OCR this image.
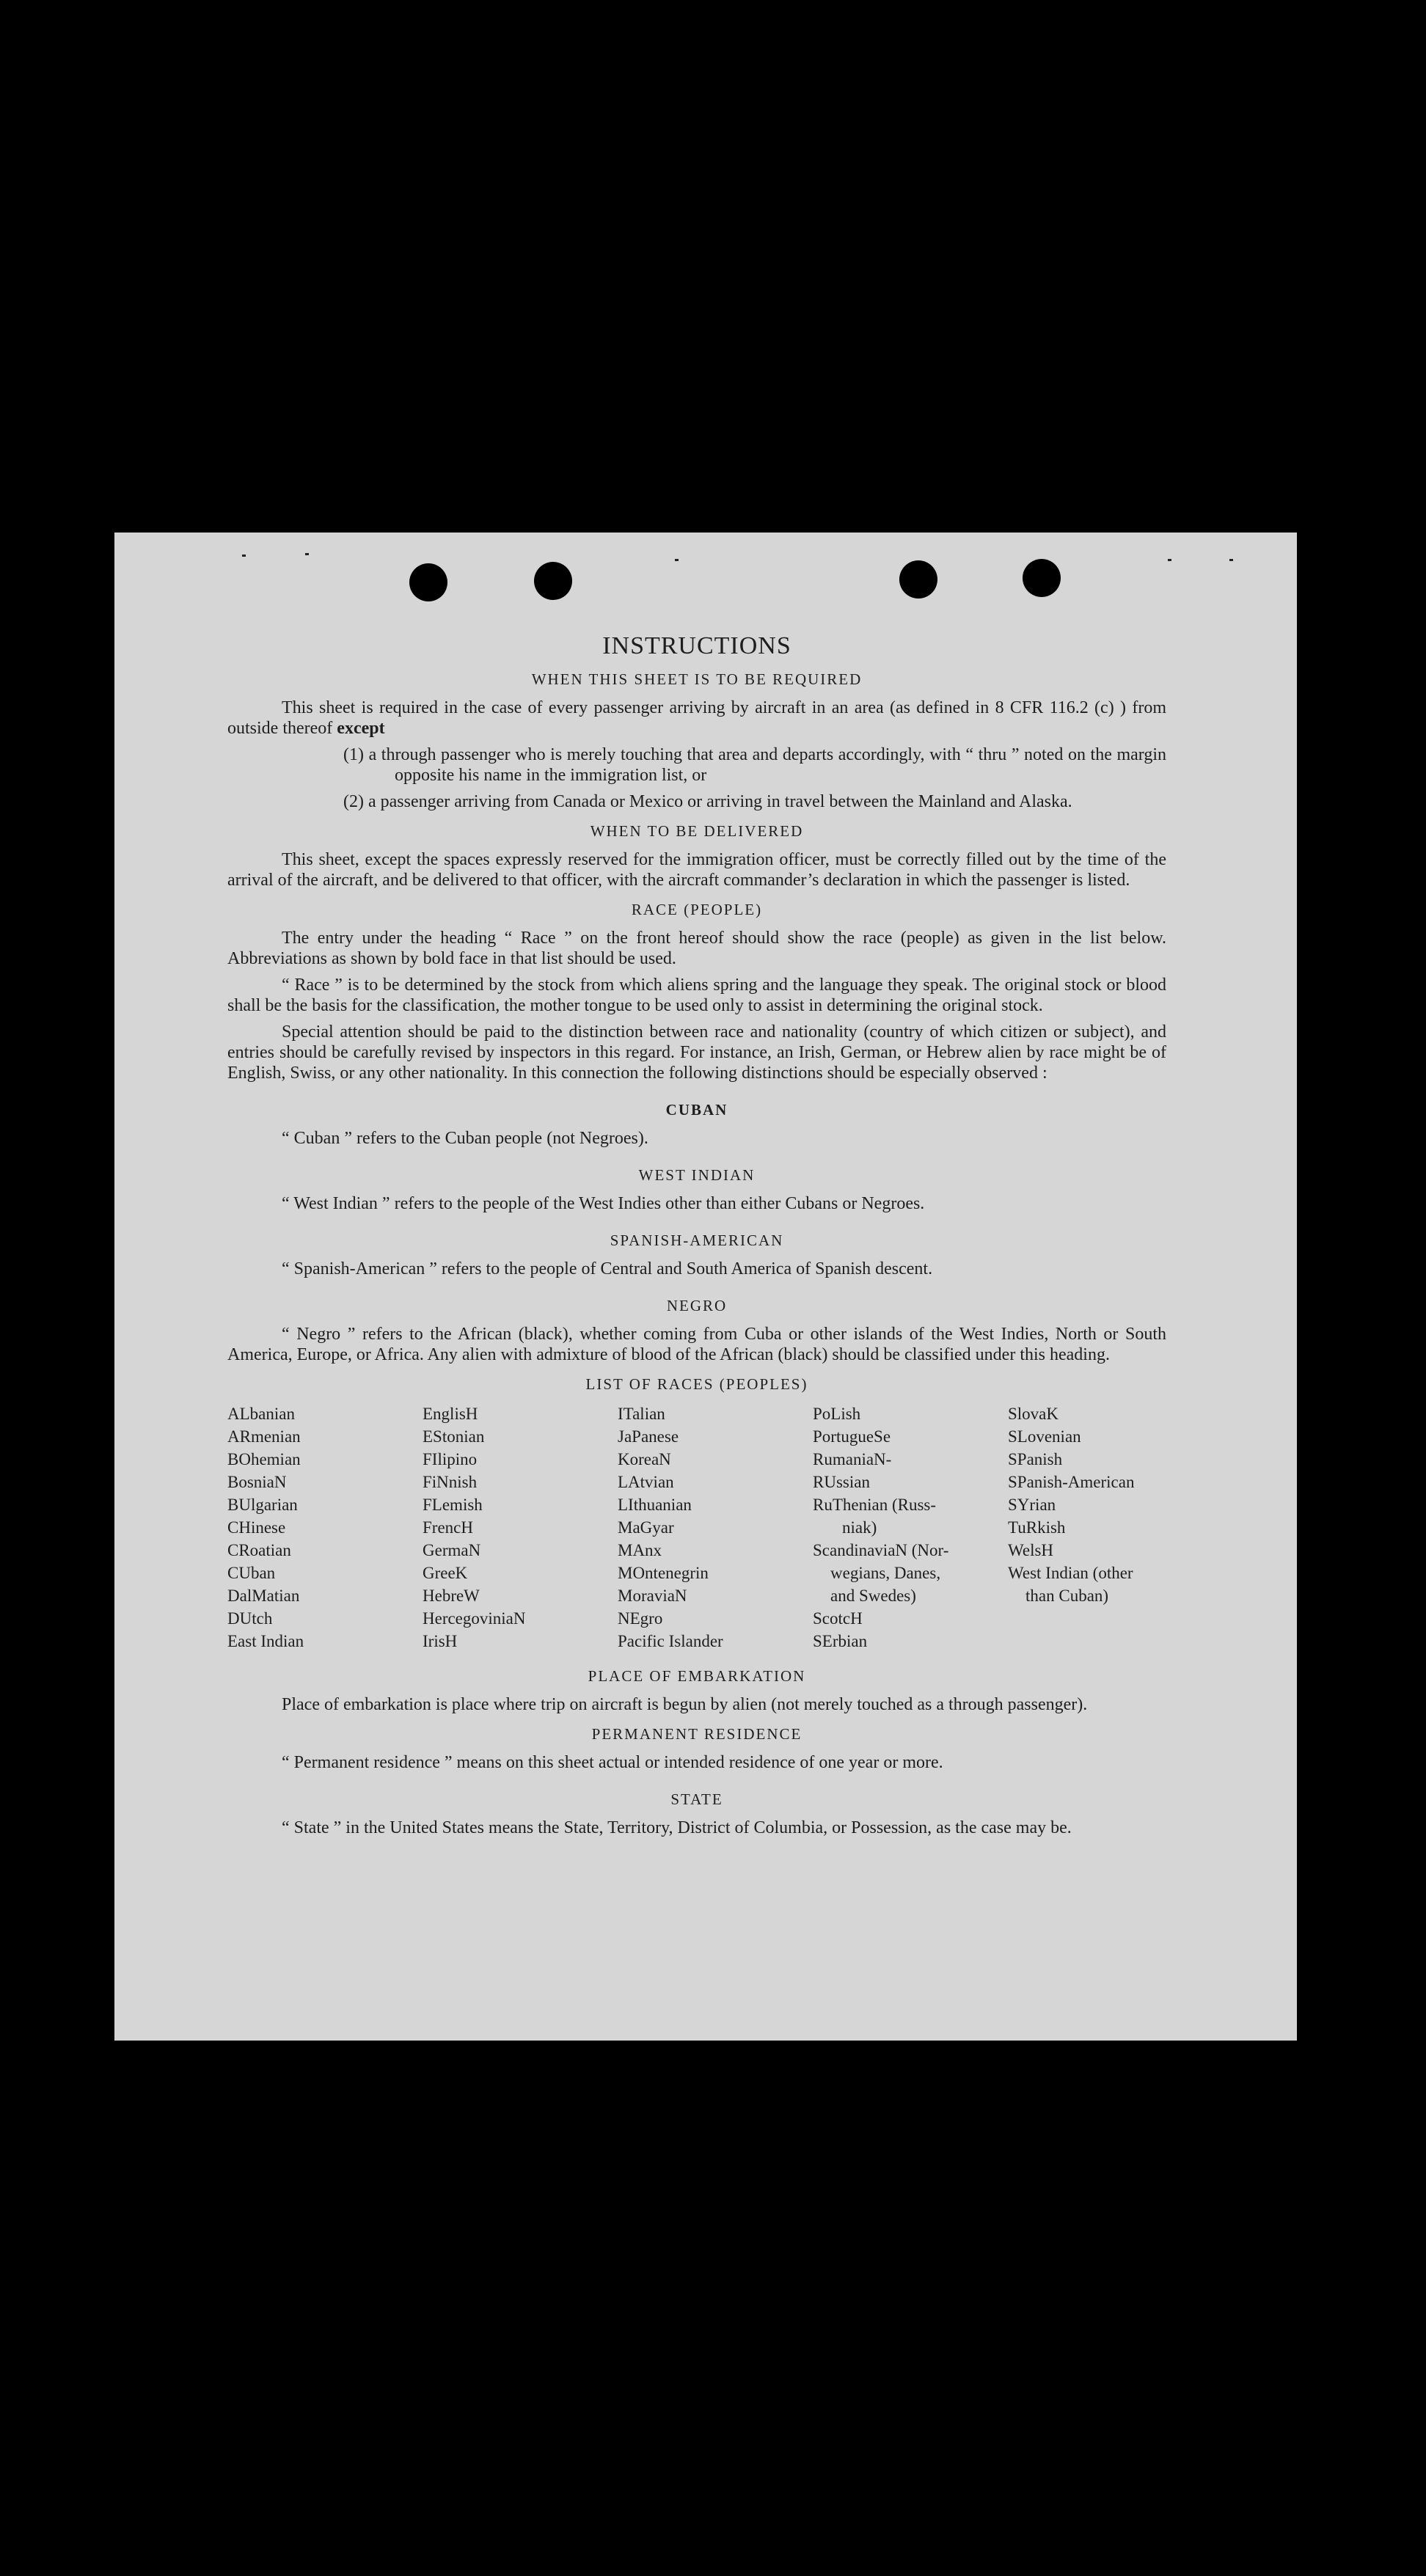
INSTRUCTIONS
WHEN THIS SHEET IS TO BE REQUIRED

This sheet is required in the case of every passenger arriving by aircraft in an area (as defined in 8 CFR 116.2 (c) ) from outside thereof except

(1) a through passenger who is merely touching that area and departs accordingly, with “ thru ” noted on the margin opposite his name in the immigration list, or

(2) a passenger arriving from Canada or Mexico or arriving in travel between the Mainland and Alaska.

WHEN TO BE DELIVERED

This sheet, except the spaces expressly reserved for the immigration officer, must be correctly filled out by the time of the arrival of the aircraft, and be delivered to that officer, with the aircraft commander’s declaration in which the passenger is listed.

RACE (PEOPLE)

The entry under the heading “ Race ” on the front hereof should show the race (people) as given in the list below. Abbreviations as shown by bold face in that list should be used.

“ Race ” is to be determined by the stock from which aliens spring and the language they speak. The original stock or blood shall be the basis for the classification, the mother tongue to be used only to assist in determining the original stock.

Special attention should be paid to the distinction between race and nationality (country of which citizen or subject), and entries should be carefully revised by inspectors in this regard. For instance, an Irish, German, or Hebrew alien by race might be of English, Swiss, or any other nationality. In this connection the following distinctions should be especially observed :

CUBAN

“ Cuban ” refers to the Cuban people (not Negroes).

WEST INDIAN

“ West Indian ” refers to the people of the West Indies other than either Cubans or Negroes.

SPANISH-AMERICAN

“ Spanish-American ” refers to the people of Central and South America of Spanish descent.

NEGRO

“ Negro ” refers to the African (black), whether coming from Cuba or other islands of the West Indies, North or South America, Europe, or Africa. Any alien with admixture of blood of the African (black) should be classified under this heading.

LIST OF RACES (PEOPLES)
ALbanian
ARmenian
BOhemian
BosniaN
BUlgarian
CHinese
CRoatian
CUban
DalMatian
DUtch
East Indian
EnglisH
EStonian
FIlipino
FiNnish
FLemish
FrencH
GermaN
GreeK
HebreW
HercegoviniaN
IrisH
ITalian
JaPanese
KoreaN
LAtvian
LIthuanian
MaGyar
MAnx
MOntenegrin
MoraviaN
NEgro
Pacific Islander
PoLish
PortugueSe
RumaniaN-
RUssian
RuThenian (Russ-
niak)
ScandinaviaN (Nor-
wegians, Danes,
and Swedes)
ScotcH
SErbian
SlovaK
SLovenian
SPanish
SPanish-American
SYrian
TuRkish
WelsH
West Indian (other
than Cuban)
PLACE OF EMBARKATION

Place of embarkation is place where trip on aircraft is begun by alien (not merely touched as a through passenger).

PERMANENT RESIDENCE

“ Permanent residence ” means on this sheet actual or intended residence of one year or more.

STATE

“ State ” in the United States means the State, Territory, District of Columbia, or Possession, as the case may be.
